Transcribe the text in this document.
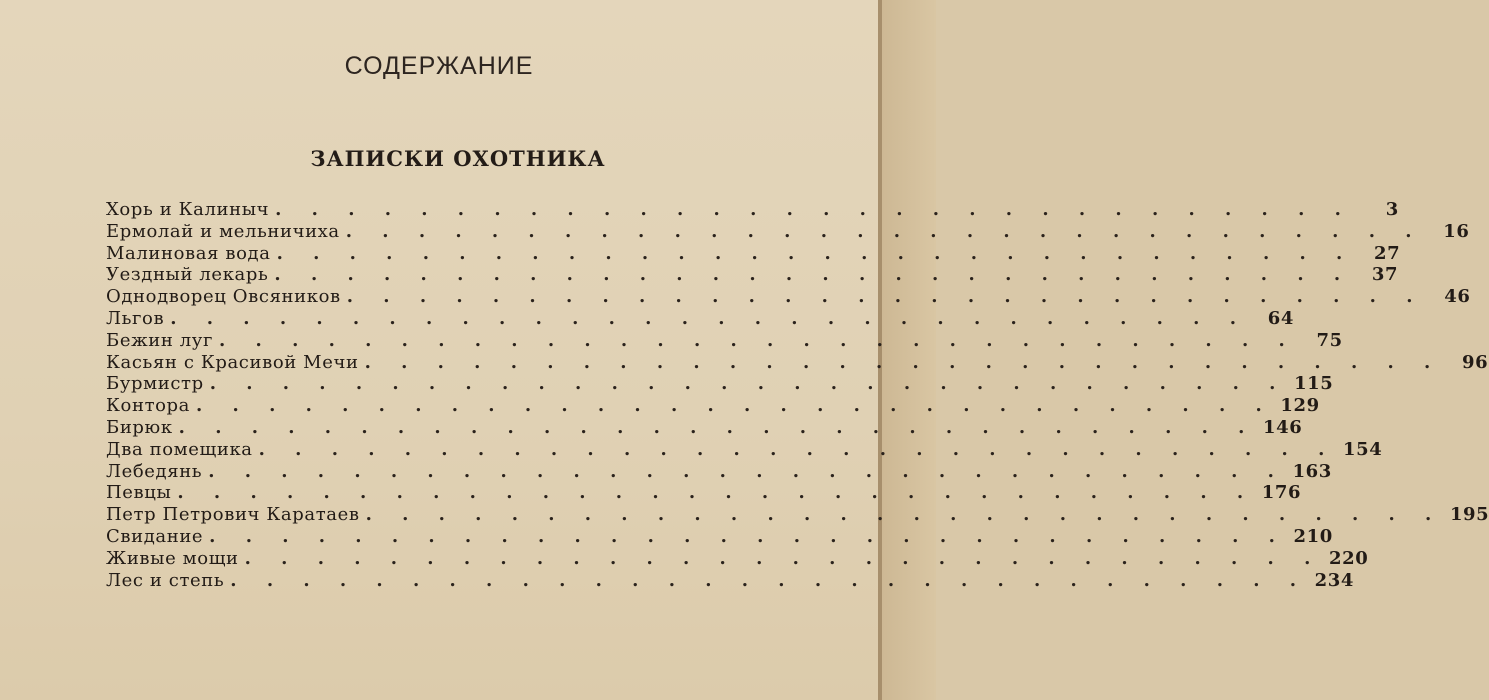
СОДЕРЖАНИЕ
ЗАПИСКИ ОХОТНИКА
Хорь и Калиныч . . . . . . . . . . . . . . . . . . . . . . . . . . . . . .	3
Ермолай и мельничиха . . . . . . . . . . . . . . . . . . . . . . . . . . . . . .	16
Малиновая вода . . . . . . . . . . . . . . . . . . . . . . . . . . . . . .	27
Уездный лекарь . . . . . . . . . . . . . . . . . . . . . . . . . . . . . .	37
Однодворец Овсяников . . . . . . . . . . . . . . . . . . . . . . . . . . . . . .	46
Льгов . . . . . . . . . . . . . . . . . . . . . . . . . . . . . .	64
Бежин луг . . . . . . . . . . . . . . . . . . . . . . . . . . . . . .	75
Касьян с Красивой Мечи . . . . . . . . . . . . . . . . . . . . . . . . . . . . . .	96
Бурмистр . . . . . . . . . . . . . . . . . . . . . . . . . . . . . . 115
Контора . . . . . . . . . . . . . . . . . . . . . . . . . . . . . . 129
Бирюк . . . . . . . . . . . . . . . . . . . . . . . . . . . . . . 146
Два помещика . . . . . . . . . . . . . . . . . . . . . . . . . . . . . . 154
Лебедянь . . . . . . . . . . . . . . . . . . . . . . . . . . . . . . 163
Певцы . . . . . . . . . . . . . . . . . . . . . . . . . . . . . . 176
Петр Петрович Каратаев . . . . . . . . . . . . . . . . . . . . . . . . . . . . . . 195
Свидание . . . . . . . . . . . . . . . . . . . . . . . . . . . . . . 210
Живые мощи . . . . . . . . . . . . . . . . . . . . . . . . . . . . . . 220
Лес и степь . . . . . . . . . . . . . . . . . . . . . . . . . . . . . . 234
